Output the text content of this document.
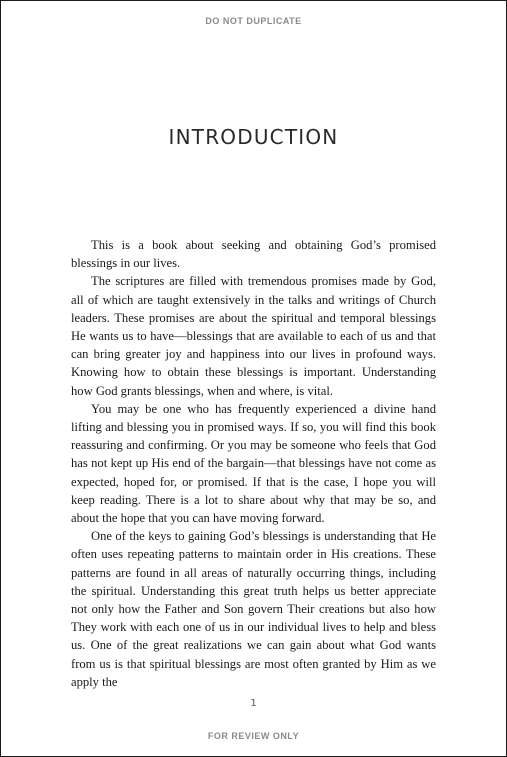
DO NOT DUPLICATE
INTRODUCTION

This is a book about seeking and obtaining God’s promised blessings in our lives.

The scriptures are filled with tremendous promises made by God, all of which are taught extensively in the talks and writings of Church leaders. These promises are about the spiritual and temporal blessings He wants us to have—blessings that are available to each of us and that can bring greater joy and happiness into our lives in profound ways. Knowing how to obtain these blessings is important. Understanding how God grants blessings, when and where, is vital.

You may be one who has frequently experienced a divine hand lifting and blessing you in promised ways. If so, you will find this book reassuring and confirming. Or you may be someone who feels that God has not kept up His end of the bargain—that blessings have not come as expected, hoped for, or promised. If that is the case, I hope you will keep reading. There is a lot to share about why that may be so, and about the hope that you can have moving forward.

One of the keys to gaining God’s blessings is understanding that He often uses repeating patterns to maintain order in His creations. These patterns are found in all areas of naturally occurring things, including the spiritual. Understanding this great truth helps us better appreciate not only how the Father and Son govern Their creations but also how They work with each one of us in our individual lives to help and bless us. One of the great realizations we can gain about what God wants from us is that spiritual blessings are most often granted by Him as we apply the

1
FOR REVIEW ONLY
